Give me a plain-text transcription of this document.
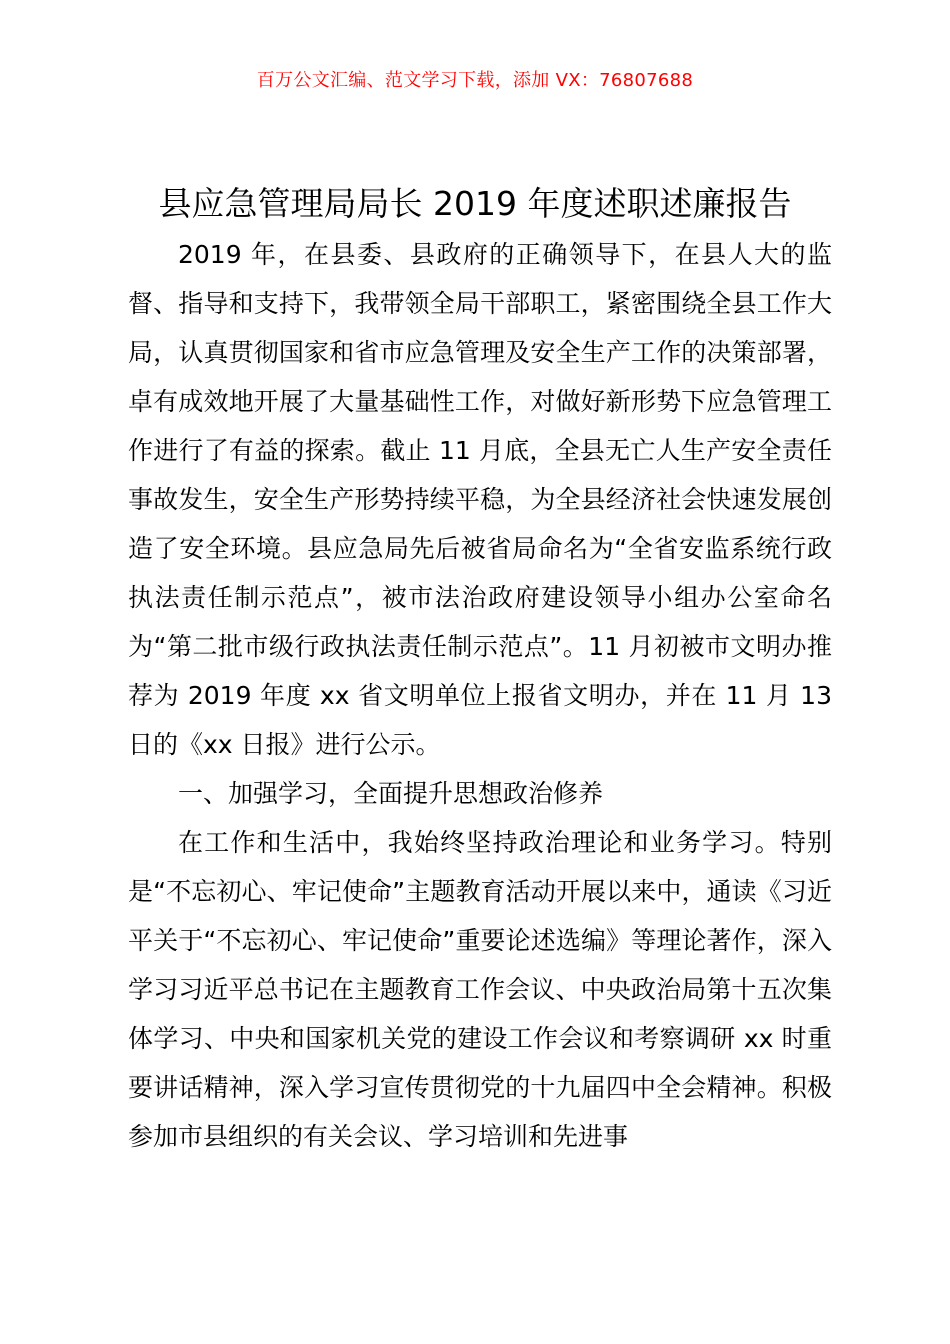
百万公文汇编、范文学习下载，添加 VX：76807688
县应急管理局局长 2019 年度述职述廉报告

2019 年，在县委、县政府的正确领导下，在县人大的监督、指导和支持下，我带领全局干部职工，紧密围绕全县工作大局，认真贯彻国家和省市应急管理及安全生产工作的决策部署，卓有成效地开展了大量基础性工作，对做好新形势下应急管理工作进行了有益的探索。截止 11 月底，全县无亡人生产安全责任事故发生，安全生产形势持续平稳，为全县经济社会快速发展创造了安全环境。县应急局先后被省局命名为“全省安监系统行政执法责任制示范点”，被市法治政府建设领导小组办公室命名为“第二批市级行政执法责任制示范点”。11 月初被市文明办推荐为 2019 年度 xx 省文明单位上报省文明办，并在 11 月 13 日的《xx 日报》进行公示。

一、加强学习，全面提升思想政治修养

在工作和生活中，我始终坚持政治理论和业务学习。特别是“不忘初心、牢记使命”主题教育活动开展以来中，通读《习近平关于“不忘初心、牢记使命”重要论述选编》等理论著作，深入学习习近平总书记在主题教育工作会议、中央政治局第十五次集体学习、中央和国家机关党的建设工作会议和考察调研 xx 时重要讲话精神，深入学习宣传贯彻党的十九届四中全会精神。积极参加市县组织的有关会议、学习培训和先进事
